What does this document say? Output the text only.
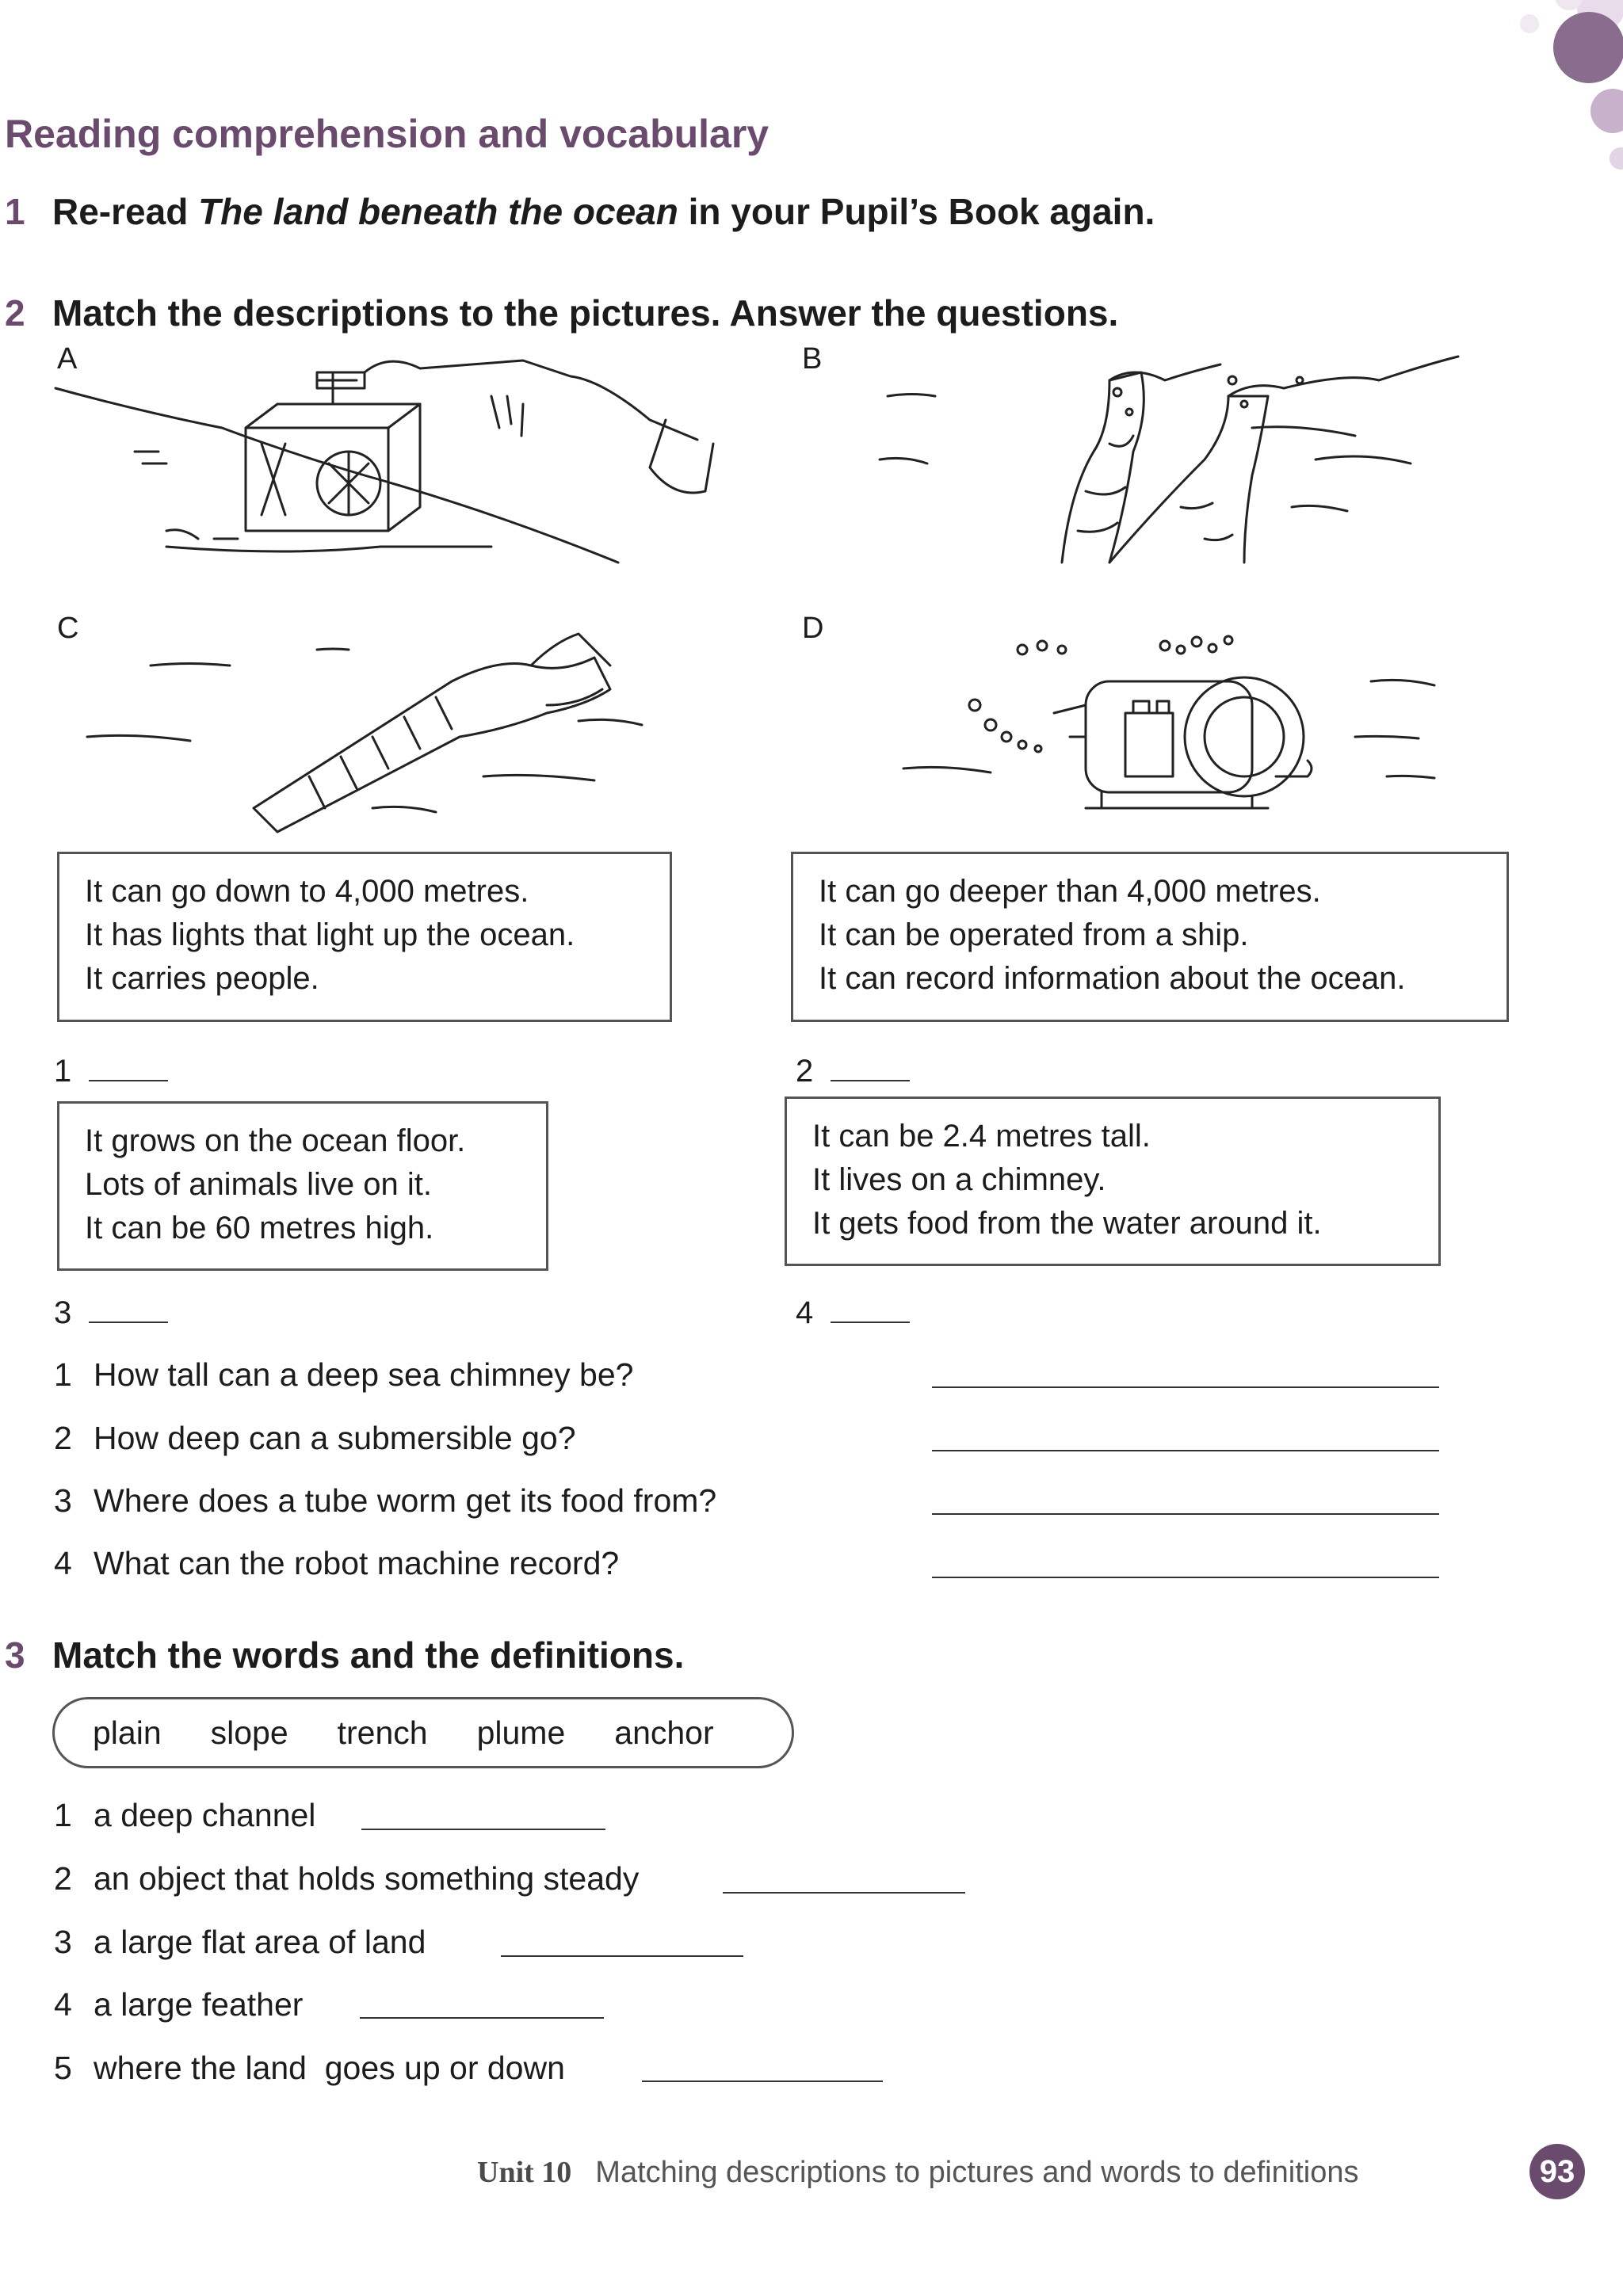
Reading comprehension and vocabulary
1 Re-read The land beneath the ocean in your Pupil’s Book again.
2 Match the descriptions to the pictures. Answer the questions.
A	B
C	D
It can go down to 4,000 metres.
It has lights that light up the ocean.
It carries people.
It can go deeper than 4,000 metres.
It can be operated from a ship.
It can record information about the ocean.
1	2
It grows on the ocean floor.
Lots of animals live on it.
It can be 60 metres high.
It can be 2.4 metres tall.
It lives on a chimney.
It gets food from the water around it.
3	4
1 How tall can a deep sea chimney be?
2 How deep can a submersible go?
3 Where does a tube worm get its food from?
4 What can the robot machine record?
3 Match the words and the definitions.
plain slope trench plume anchor
1 a deep channel
2 an object that holds something steady
3 a large flat area of land
4 a large feather
5 where the land  goes up or down
Unit 10 Matching descriptions to pictures and words to definitions	93
